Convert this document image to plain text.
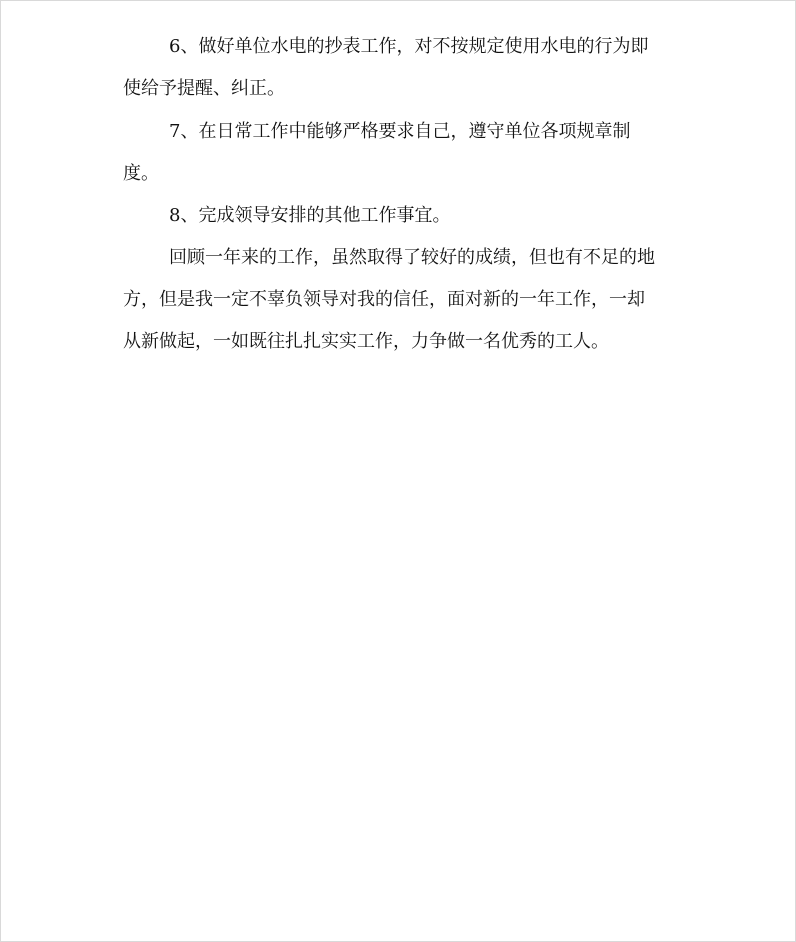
6、做好单位水电的抄表工作，对不按规定使用水电的行为即
使给予提醒、纠正。
7、在日常工作中能够严格要求自己，遵守单位各项规章制
度。
8、完成领导安排的其他工作事宜。
回顾一年来的工作，虽然取得了较好的成绩，但也有不足的地
方，但是我一定不辜负领导对我的信任，面对新的一年工作，一却
从新做起，一如既往扎扎实实工作，力争做一名优秀的工人。
